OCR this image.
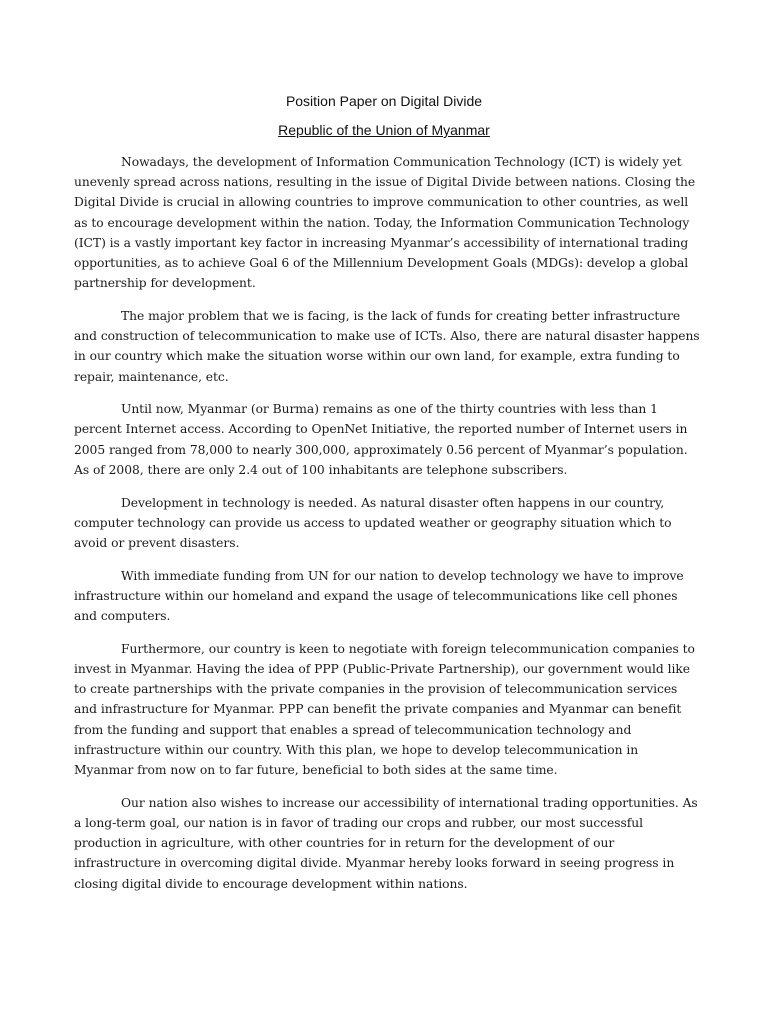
Position Paper on Digital Divide

Republic of the Union of Myanmar

Nowadays, the development of Information Communication Technology (ICT) is widely yet unevenly spread across nations, resulting in the issue of Digital Divide between nations. Closing the Digital Divide is crucial in allowing countries to improve communication to other countries, as well as to encourage development within the nation. Today, the Information Communication Technology (ICT) is a vastly important key factor in increasing Myanmar’s accessibility of international trading opportunities, as to achieve Goal 6 of the Millennium Development Goals (MDGs): develop a global partnership for development.

The major problem that we is facing, is the lack of funds for creating better infrastructure and construction of telecommunication to make use of ICTs. Also, there are natural disaster happens in our country which make the situation worse within our own land, for example, extra funding to repair, maintenance, etc.

Until now, Myanmar (or Burma) remains as one of the thirty countries with less than 1 percent Internet access. According to OpenNet Initiative, the reported number of Internet users in 2005 ranged from 78,000 to nearly 300,000, approximately 0.56 percent of Myanmar’s population. As of 2008, there are only 2.4 out of 100 inhabitants are telephone subscribers.

Development in technology is needed. As natural disaster often happens in our country, computer technology can provide us access to updated weather or geography situation which to avoid or prevent disasters.

With immediate funding from UN for our nation to develop technology we have to improve infrastructure within our homeland and expand the usage of telecommunications like cell phones and computers.

Furthermore, our country is keen to negotiate with foreign telecommunication companies to invest in Myanmar. Having the idea of PPP (Public-Private Partnership), our government would like to create partnerships with the private companies in the provision of telecommunication services and infrastructure for Myanmar. PPP can benefit the private companies and Myanmar can benefit from the funding and support that enables a spread of telecommunication technology and infrastructure within our country. With this plan, we hope to develop telecommunication in Myanmar from now on to far future, beneficial to both sides at the same time.

Our nation also wishes to increase our accessibility of international trading opportunities. As a long-term goal, our nation is in favor of trading our crops and rubber, our most successful production in agriculture, with other countries for in return for the development of our infrastructure in overcoming digital divide. Myanmar hereby looks forward in seeing progress in closing digital divide to encourage development within nations.
